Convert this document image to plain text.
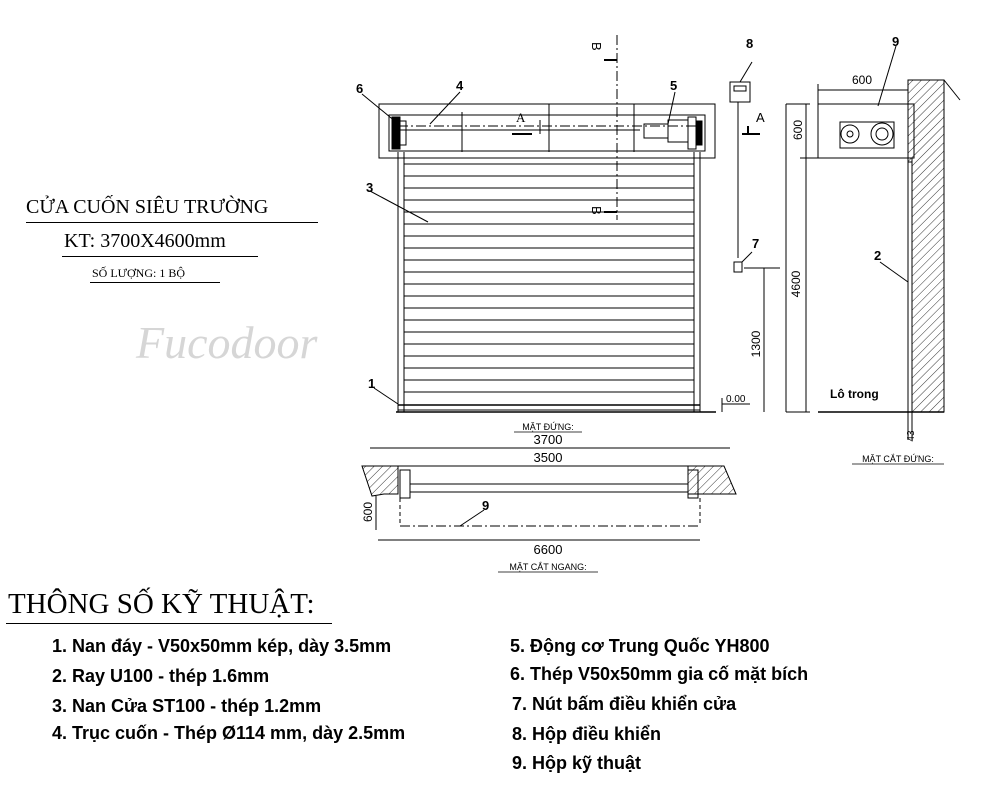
CỬA CUỐN SIÊU TRƯỜNG
KT: 3700X4600mm
SỐ LƯỢNG: 1 BỘ
Fucodoor
6	4	5
3
1
8
7
9
2
9
A	A
B
B
4600
600
1300
600
0.00	Lô trong
43
3700
3500
6600
600
MẶT ĐỨNG:
MẶT CẮT ĐỨNG:
MẶT CẮT NGANG:
THÔNG SỐ KỸ THUẬT:
1. Nan đáy - V50x50mm kép, dày 3.5mm
2. Ray U100 - thép 1.6mm
3. Nan Cửa ST100 - thép 1.2mm
4. Trục cuốn - Thép Ø114 mm, dày 2.5mm
5. Động cơ Trung Quốc YH800
6. Thép V50x50mm gia cố mặt bích
7. Nút bấm điều khiển cửa
8. Hộp điều khiển
9. Hộp kỹ thuật
